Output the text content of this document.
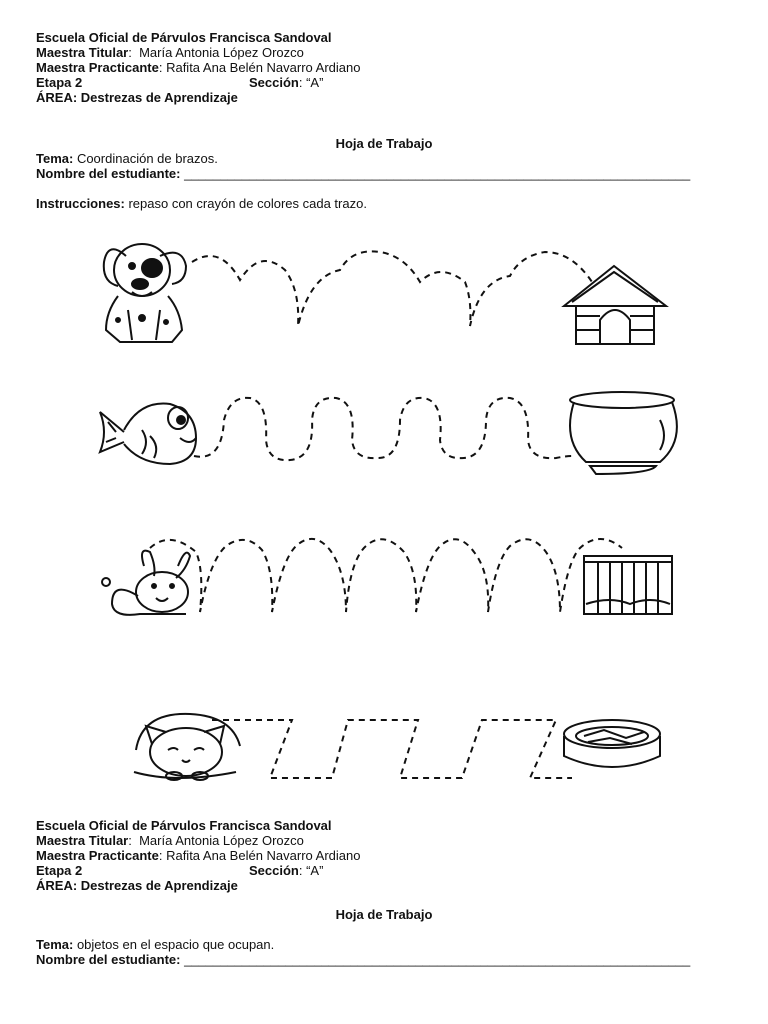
Escuela Oficial de Párvulos Francisca Sandoval
Maestra Titular:  María Antonia López Orozco
Maestra Practicante: Rafita Ana Belén Navarro Ardiano
Etapa 2	Sección: “A”
ÁREA: Destrezas de Aprendizaje
Hoja de Trabajo
Tema: Coordinación de brazos.
Nombre del estudiante: ______________________________________________________________________
Instrucciones: repaso con crayón de colores cada trazo.
Escuela Oficial de Párvulos Francisca Sandoval
Maestra Titular:  María Antonia López Orozco
Maestra Practicante: Rafita Ana Belén Navarro Ardiano
Etapa 2	Sección: “A”
ÁREA: Destrezas de Aprendizaje
Hoja de Trabajo
Tema: objetos en el espacio que ocupan.
Nombre del estudiante: ______________________________________________________________________
